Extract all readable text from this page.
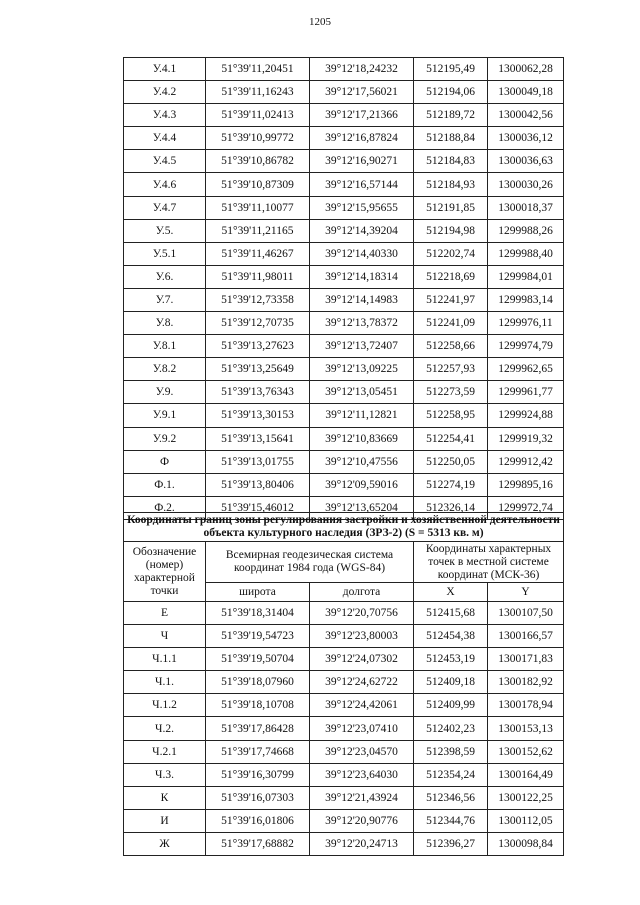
1205
У.4.1	51°39'11,20451	39°12'18,24232	512195,49	1300062,28
У.4.2	51°39'11,16243	39°12'17,56021	512194,06	1300049,18
У.4.3	51°39'11,02413	39°12'17,21366	512189,72	1300042,56
У.4.4	51°39'10,99772	39°12'16,87824	512188,84	1300036,12
У.4.5	51°39'10,86782	39°12'16,90271	512184,83	1300036,63
У.4.6	51°39'10,87309	39°12'16,57144	512184,93	1300030,26
У.4.7	51°39'11,10077	39°12'15,95655	512191,85	1300018,37
У.5.	51°39'11,21165	39°12'14,39204	512194,98	1299988,26
У.5.1	51°39'11,46267	39°12'14,40330	512202,74	1299988,40
У.6.	51°39'11,98011	39°12'14,18314	512218,69	1299984,01
У.7.	51°39'12,73358	39°12'14,14983	512241,97	1299983,14
У.8.	51°39'12,70735	39°12'13,78372	512241,09	1299976,11
У.8.1	51°39'13,27623	39°12'13,72407	512258,66	1299974,79
У.8.2	51°39'13,25649	39°12'13,09225	512257,93	1299962,65
У.9.	51°39'13,76343	39°12'13,05451	512273,59	1299961,77
У.9.1	51°39'13,30153	39°12'11,12821	512258,95	1299924,88
У.9.2	51°39'13,15641	39°12'10,83669	512254,41	1299919,32
Ф	51°39'13,01755	39°12'10,47556	512250,05	1299912,42
Ф.1.	51°39'13,80406	39°12'09,59016	512274,19	1299895,16
Ф.2.	51°39'15,46012	39°12'13,65204	512326,14	1299972,74
Координаты границ зоны регулирования застройки и хозяйственной деятельности объекта культурного наследия (ЗРЗ-2) (S = 5313 кв. м)				
Обозначение (номер) характерной точки	Всемирная геодезическая система координат 1984 года (WGS-84)		Координаты характерных точек в местной системе координат (МСК-36)	
	широта	долгота	X	Y
Е	51°39'18,31404	39°12'20,70756	512415,68	1300107,50
Ч	51°39'19,54723	39°12'23,80003	512454,38	1300166,57
Ч.1.1	51°39'19,50704	39°12'24,07302	512453,19	1300171,83
Ч.1.	51°39'18,07960	39°12'24,62722	512409,18	1300182,92
Ч.1.2	51°39'18,10708	39°12'24,42061	512409,99	1300178,94
Ч.2.	51°39'17,86428	39°12'23,07410	512402,23	1300153,13
Ч.2.1	51°39'17,74668	39°12'23,04570	512398,59	1300152,62
Ч.3.	51°39'16,30799	39°12'23,64030	512354,24	1300164,49
К	51°39'16,07303	39°12'21,43924	512346,56	1300122,25
И	51°39'16,01806	39°12'20,90776	512344,76	1300112,05
Ж	51°39'17,68882	39°12'20,24713	512396,27	1300098,84
